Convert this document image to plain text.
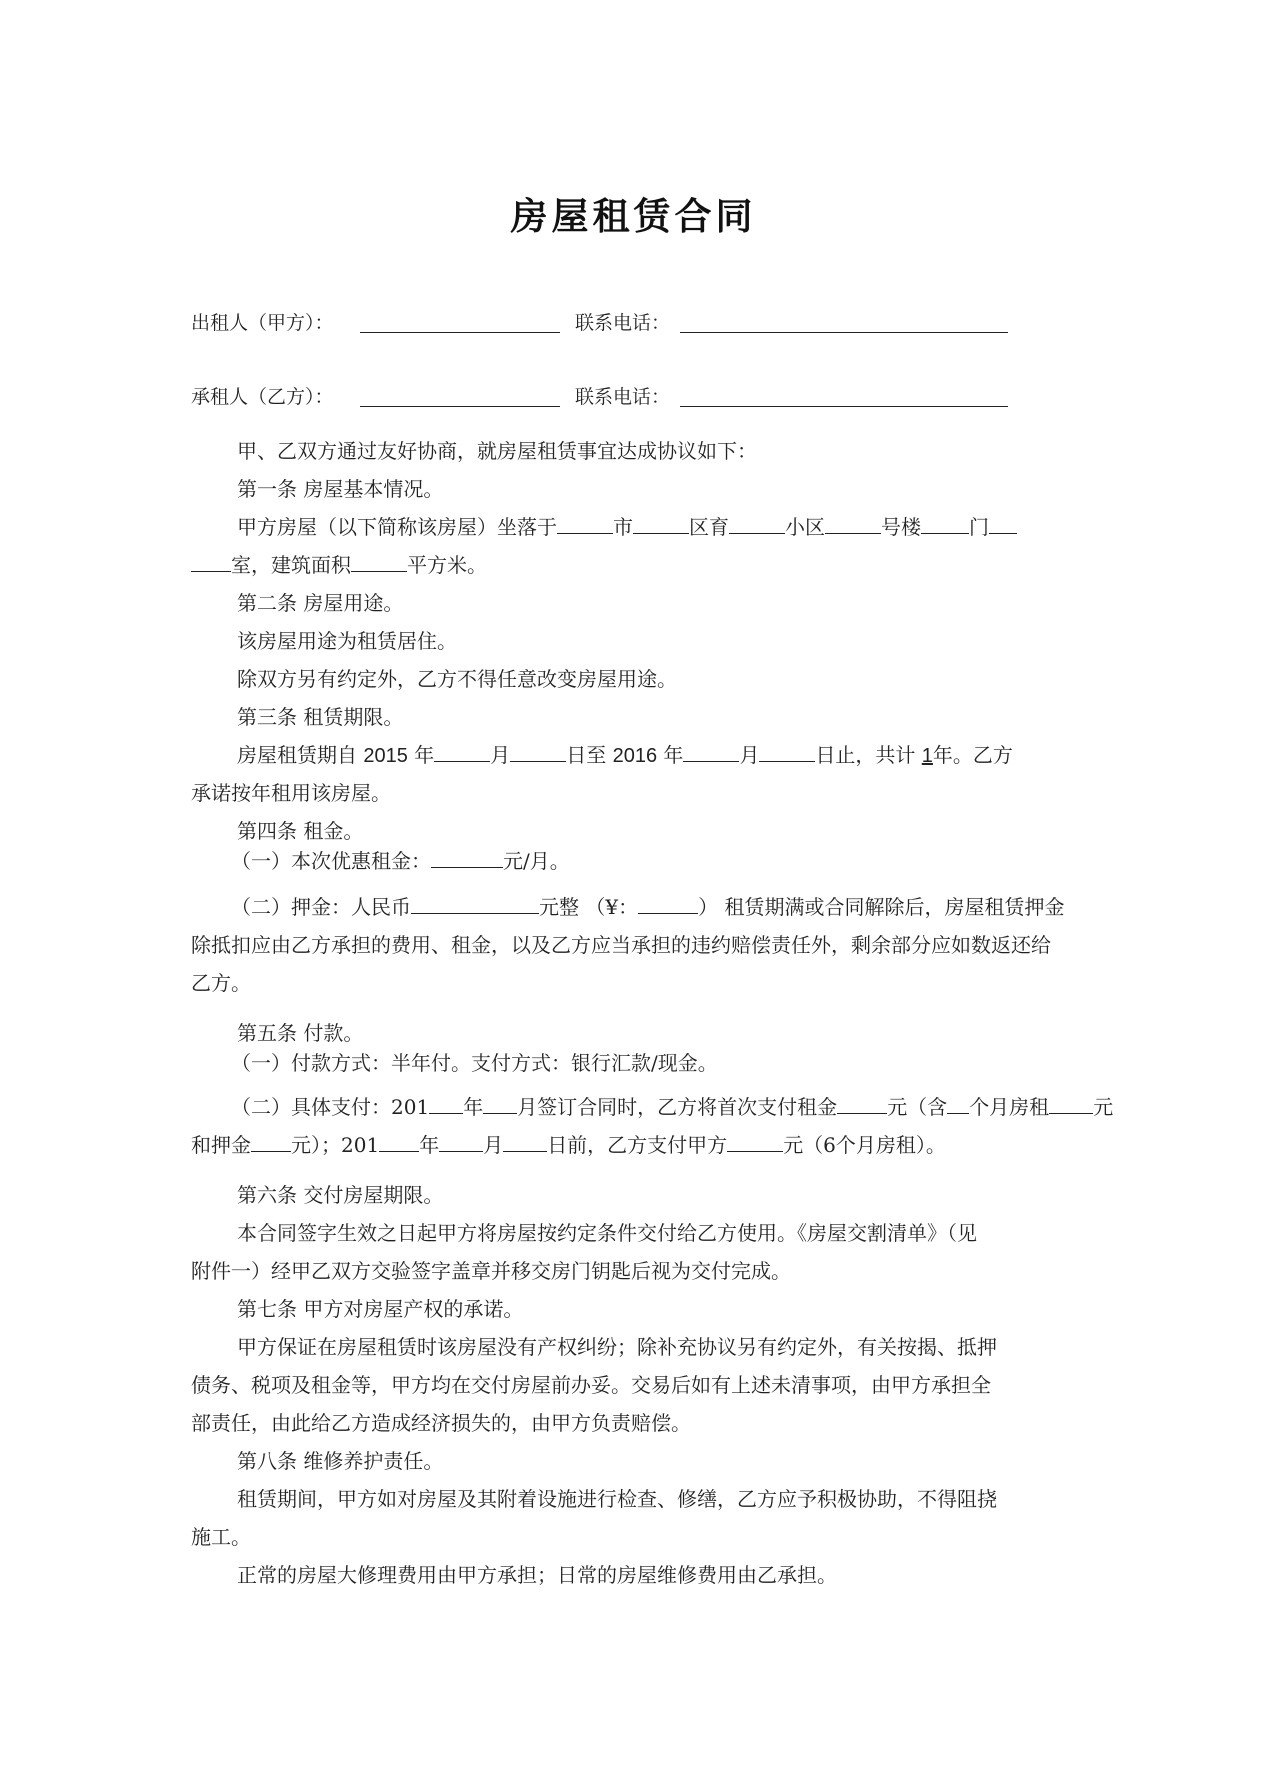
房屋租赁合同
出租人（甲方）：	联系电话：
承租人（乙方）：	联系电话：
甲、乙双方通过友好协商，就房屋租赁事宜达成协议如下：
第一条 房屋基本情况。
甲方房屋（以下简称该房屋）坐落于	市	区育	小区	号楼 门
室，建筑面积	平方米。
第二条 房屋用途。
该房屋用途为租赁居住。
除双方另有约定外，乙方不得任意改变房屋用途。
第三条 租赁期限。
房屋租赁期自 2015 年	月	日至 2016 年	月	日止，共计 1年。乙方
承诺按年租用该房屋。
第四条 租金。
（一）本次优惠租金：	元/月。
（二）押金：人民币	元整 （¥：	） 租赁期满或合同解除后，房屋租赁押金
除抵扣应由乙方承担的费用、租金，以及乙方应当承担的违约赔偿责任外，剩余部分应如数返还给
乙方。
第五条 付款。
（一）付款方式：半年付。支付方式：银行汇款/现金。
（二）具体支付：201 年 月签订合同时，乙方将首次支付租金	元（含 个月房租 元
和押金 元）；201 年 月 日前，乙方支付甲方	元（6个月房租）。
第六条 交付房屋期限。
本合同签字生效之日起甲方将房屋按约定条件交付给乙方使用。《房屋交割清单》（见
附件一）经甲乙双方交验签字盖章并移交房门钥匙后视为交付完成。
第七条 甲方对房屋产权的承诺。
甲方保证在房屋租赁时该房屋没有产权纠纷；除补充协议另有约定外，有关按揭、抵押
债务、税项及租金等，甲方均在交付房屋前办妥。交易后如有上述未清事项，由甲方承担全
部责任，由此给乙方造成经济损失的，由甲方负责赔偿。
第八条 维修养护责任。
租赁期间，甲方如对房屋及其附着设施进行检查、修缮，乙方应予积极协助，不得阻挠
施工。
正常的房屋大修理费用由甲方承担；日常的房屋维修费用由乙承担。
